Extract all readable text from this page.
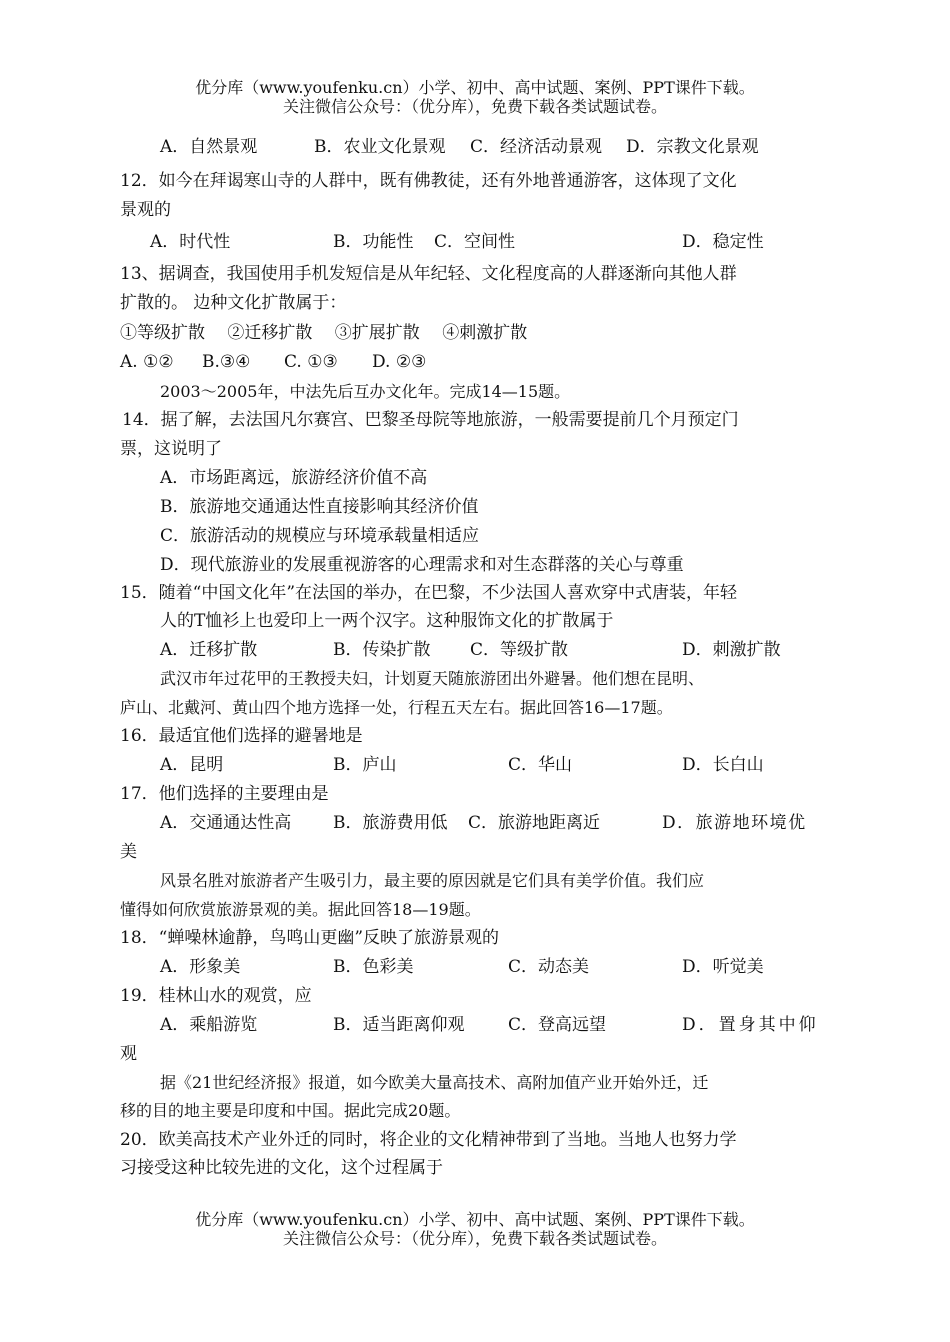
优分库（www.youfenku.cn）小学、初中、高中试题、案例、PPT课件下载。
关注微信公众号：（优分库），免费下载各类试题试卷。
A．自然景观	B．农业文化景观 C．经济活动景观 D．宗教文化景观
12．如今在拜谒寒山寺的人群中，既有佛教徒，还有外地普通游客，这体现了文化
景观的
A．时代性	B．功能性 C．空间性	D．稳定性
13、据调查，我国使用手机发短信是从年纪轻、文化程度高的人群逐渐向其他人群
扩散的。 边种文化扩散属于：
①等级扩散　 ②迁移扩散　 ③扩展扩散　 ④刺激扩散
A. ①② B.③④ C. ①③ D. ②③
2003～2005年，中法先后互办文化年。完成14—15题。
14．据了解，去法国凡尔赛宫、巴黎圣母院等地旅游，一般需要提前几个月预定门
票，这说明了
A．市场距离远，旅游经济价值不高
B．旅游地交通通达性直接影响其经济价值
C．旅游活动的规模应与环境承载量相适应
D．现代旅游业的发展重视游客的心理需求和对生态群落的关心与尊重
15．随着“中国文化年”在法国的举办，在巴黎，不少法国人喜欢穿中式唐装，年轻
人的T恤衫上也爱印上一两个汉字。这种服饰文化的扩散属于
A．迁移扩散	B．传染扩散 C．等级扩散	D．刺激扩散
武汉市年过花甲的王教授夫妇，计划夏天随旅游团出外避暑。他们想在昆明、
庐山、北戴河、黄山四个地方选择一处，行程五天左右。据此回答16—17题。
16．最适宜他们选择的避暑地是
A．昆明	B．庐山	C．华山	D．长白山
17．他们选择的主要理由是
A．交通通达性高 B．旅游费用低 C．旅游地距离近	D．旅游地环境优
美
风景名胜对旅游者产生吸引力，最主要的原因就是它们具有美学价值。我们应
懂得如何欣赏旅游景观的美。据此回答18—19题。
18．“蝉噪林逾静，鸟鸣山更幽”反映了旅游景观的
A．形象美	B．色彩美	C．动态美	D．听觉美
19．桂林山水的观赏，应
A．乘船游览	B．适当距离仰观	C．登高远望	D．置身其中仰
观
据《21世纪经济报》报道，如今欧美大量高技术、高附加值产业开始外迁，迁
移的目的地主要是印度和中国。据此完成20题。
20．欧美高技术产业外迁的同时，将企业的文化精神带到了当地。当地人也努力学
习接受这种比较先进的文化，这个过程属于
优分库（www.youfenku.cn）小学、初中、高中试题、案例、PPT课件下载。
关注微信公众号：（优分库），免费下载各类试题试卷。
